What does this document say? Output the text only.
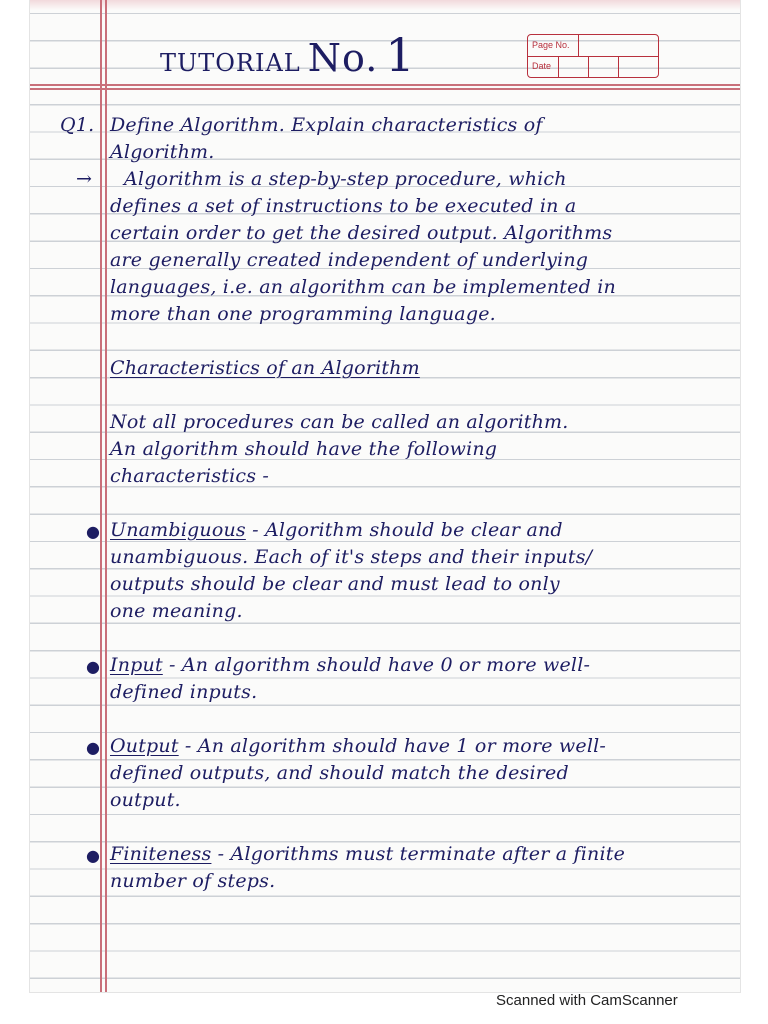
Page No.
Date
TUTORIAL No. 1
Q1. Define Algorithm. Explain characteristics of
Algorithm.
→ Algorithm is a step-by-step procedure, which
defines a set of instructions to be executed in a
certain order to get the desired output. Algorithms
are generally created independent of underlying
languages, i.e. an algorithm can be implemented in
more than one programming language.
Characteristics of an Algorithm
Not all procedures can be called an algorithm.
An algorithm should have the following
characteristics -
● Unambiguous - Algorithm should be clear and
unambiguous. Each of it's steps and their inputs/
outputs should be clear and must lead to only
one meaning.
● Input - An algorithm should have 0 or more well-
defined inputs.
● Output - An algorithm should have 1 or more well-
defined outputs, and should match the desired
output.
● Finiteness - Algorithms must terminate after a finite
number of steps.
Scanned with CamScanner
